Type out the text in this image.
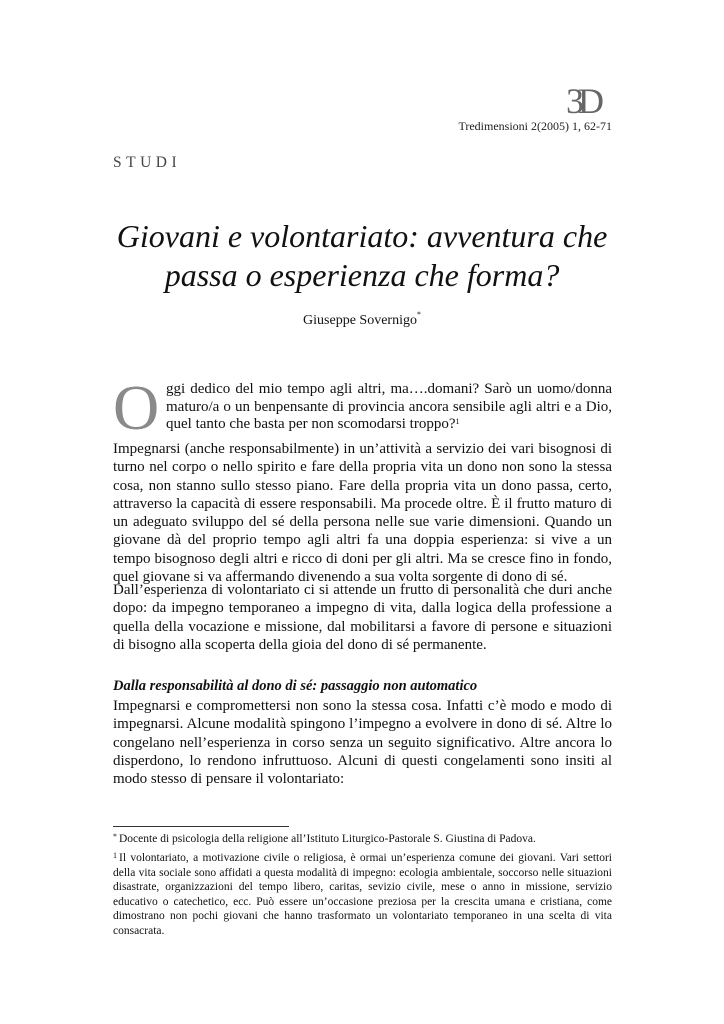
3D
Tredimensioni 2(2005) 1, 62-71
STUDI
Giovani e volontariato: avventura che passa o esperienza che forma?
Giuseppe Sovernigo*
O ggi dedico del mio tempo agli altri, ma….domani? Sarò un uomo/donna maturo/a o un benpensante di provincia ancora sensibile agli altri e a Dio, quel tanto che basta per non scomodarsi troppo?$^1$

Impegnarsi (anche responsabilmente) in un’attività a servizio dei vari bisognosi di turno nel corpo o nello spirito e fare della propria vita un dono non sono la stessa cosa, non stanno sullo stesso piano. Fare della propria vita un dono passa, certo, attraverso la capacità di essere responsabili. Ma procede oltre. È il frutto maturo di un adeguato sviluppo del sé della persona nelle sue varie dimensioni. Quando un giovane dà del proprio tempo agli altri fa una doppia esperienza: si vive a un tempo bisognoso degli altri e ricco di doni per gli altri. Ma se cresce fino in fondo, quel giovane si va affermando divenendo a sua volta sorgente di dono di sé.

Dall’esperienza di volontariato ci si attende un frutto di personalità che duri anche dopo: da impegno temporaneo a impegno di vita, dalla logica della professione a quella della vocazione e missione, dal mobilitarsi a favore di persone e situazioni di bisogno alla scoperta della gioia del dono di sé permanente.

Dalla responsabilità al dono di sé: passaggio non automatico

Impegnarsi e compromettersi non sono la stessa cosa. Infatti c’è modo e modo di impegnarsi. Alcune modalità spingono l’impegno a evolvere in dono di sé. Altre lo congelano nell’esperienza in corso senza un seguito significativo. Altre ancora lo disperdono, lo rendono infruttuoso. Alcuni di questi congelamenti sono insiti al modo stesso di pensare il volontariato:

* Docente di psicologia della religione all’Istituto Liturgico-Pastorale S. Giustina di Padova.

$^1$ Il volontariato, a motivazione civile o religiosa, è ormai un’esperienza comune dei giovani. Vari settori della vita sociale sono affidati a questa modalità di impegno: ecologia ambientale, soccorso nelle situazioni disastrate, organizzazioni del tempo libero, caritas, sevizio civile, mese o anno in missione, servizio educativo o catechetico, ecc. Può essere un’occasione preziosa per la crescita umana e cristiana, come dimostrano non pochi giovani che hanno trasformato un volontariato temporaneo in una scelta di vita consacrata.
